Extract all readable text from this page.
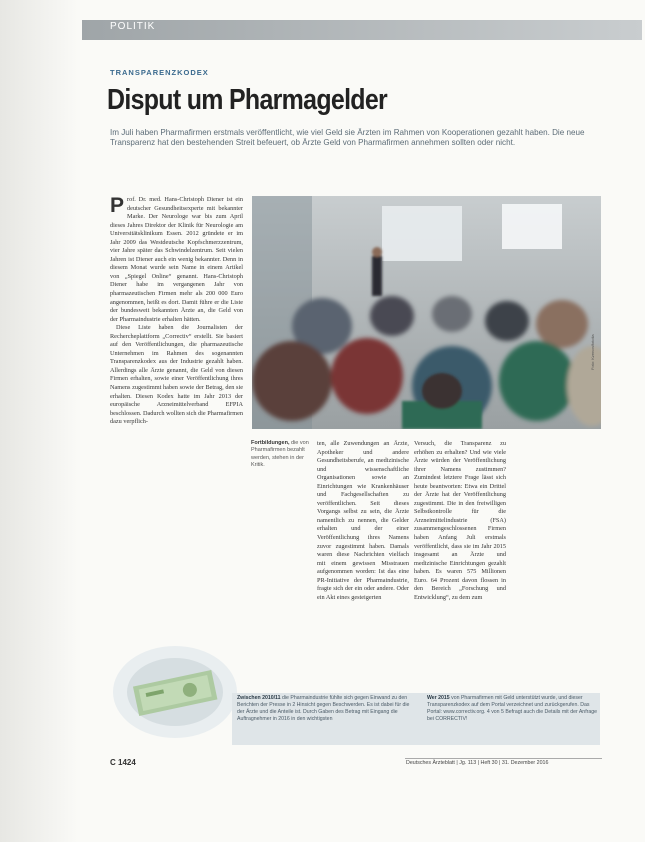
POLITIK
TRANSPARENZKODEX
Disput um Pharmagelder
Im Juli haben Pharmafirmen erstmals veröffentlicht, wie viel Geld sie Ärzten im Rahmen von Kooperationen gezahlt haben. Die neue Transparenz hat den bestehenden Streit befeuert, ob Ärzte Geld von Pharmafirmen annehmen sollten oder nicht.
P rof. Dr. med. Hans-Christoph Diener ist ein deutscher Gesundheitsexperte mit bekannter Marke. Der Neurologe war bis zum April dieses Jahres Direktor der Klinik für Neurologie am Universitätsklinikum Essen. 2012 gründete er im Jahr 2009 das Westdeutsche Kopfschmerzzentrum, vier Jahre später das Schwindelzentrum. Seit vielen Jahren ist Diener auch ein wenig bekannter. Denn in diesem Monat wurde sein Name in einem Artikel von „Spiegel Online“ genannt. Hans-Christoph Diener habe im vergangenen Jahr von pharmazeutischen Firmen mehr als 200 000 Euro angenommen, heißt es dort. Damit führe er die Liste der bundesweit bekannten Ärzte an, die Geld von der Pharmaindustrie erhalten hätten.

Diese Liste haben die Journalisten der Rechercheplattform „Correctiv“ erstellt. Sie basiert auf den Veröffentlichungen, die pharmazeutische Unternehmen im Rahmen des sogenannten Transparenzkodex aus der Industrie gezahlt haben. Allerdings alle Ärzte genannt, die Geld von diesen Firmen erhalten, sowie einer Veröffentlichung ihres Namens zugestimmt haben sowie der Betrag, den sie erhalten. Diesen Kodex hatte im Jahr 2013 der europäische Arzneimittelverband EFPIA beschlossen. Dadurch wollten sich die Pharmafirmen dazu verpflich-

Foto: Kzenon/fotolia
Fortbildungen, die von Pharmafirmen bezahlt werden, stehen in der Kritik.
ten, alle Zuwendungen an Ärzte, Apotheker und andere Gesundheitsberufe, an medizinische und wissenschaftliche Organisationen sowie an Einrichtungen wie Krankenhäuser und Fachgesellschaften zu veröffentlichen. Seit dieses Vorgangs selbst zu sein, die Ärzte namentlich zu nennen, die Gelder erhalten und der einer Veröffentlichung ihres Namens zuvor zugestimmt haben. Damals waren diese Nachrichten vielfach mit einem gewissen Misstrauen aufgenommen worden: Ist das eine PR-Initiative der Pharmaindustrie, fragte sich der ein oder andere. Oder ein Akt eines gesteigerten
Versuch, die Transparenz zu erhöhen zu erhalten? Und wie viele Ärzte würden der Veröffentlichung ihrer Namens zustimmen? Zumindest letztere Frage lässt sich heute beantworten: Etwa ein Drittel der Ärzte hat der Veröffentlichung zugestimmt. Die in den freiwilligen Selbstkontrolle für die Arzneimittelindustrie (FSA) zusammengeschlossenen Firmen haben Anfang Juli erstmals veröffentlicht, dass sie im Jahr 2015 insgesamt an Ärzte und medizinische Einrichtungen gezahlt haben. Es waren 575 Millionen Euro. 64 Prozent davon flossen in den Bereich „Forschung und Entwicklung“, zu dem zum
Zwischen 2010/11 die Pharmaindustrie fühlte sich gegen Einwand zu den Berichten der Presse in 2 Hinsicht gegen Beschwerden. Es ist dabei für die der Ärzte und die Anteile ist. Durch Gaben des Betrag mit Eingang die Auftragnehmer in 2016 in den wichtigsten
Wer 2015 von Pharmafirmen mit Geld unterstützt wurde, und dieser Transparenzkodex auf dem Portal verzeichnet und zurückgerufen. Das Portal: www.correctiv.org. 4 von 5 Befragt auch die Details mit der Anfrage bei CORRECTIV!
C 1424	Deutsches Ärzteblatt | Jg. 113 | Heft 30 | 31. Dezember 2016
